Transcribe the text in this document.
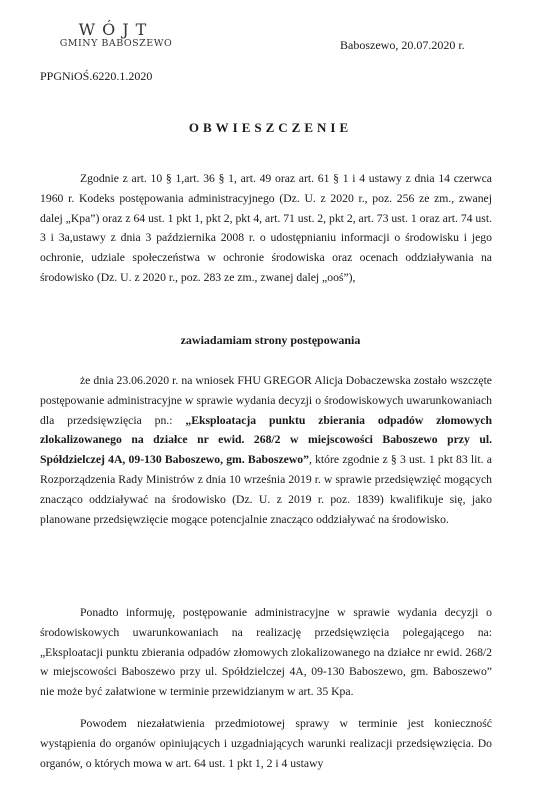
WÓJT
GMINY BABOSZEWO	Baboszewo, 20.07.2020 r.
PPGNiOŚ.6220.1.2020
OBWIESZCZENIE
Zgodnie z art. 10 § 1,art. 36 § 1, art. 49 oraz art. 61 § 1 i 4 ustawy z dnia 14 czerwca 1960 r. Kodeks postępowania administracyjnego (Dz. U. z 2020 r., poz. 256 ze zm., zwanej dalej „Kpa”) oraz z 64 ust. 1 pkt 1, pkt 2, pkt 4, art. 71 ust. 2, pkt 2, art. 73 ust. 1 oraz art. 74 ust. 3 i 3a,ustawy z dnia 3 października 2008 r. o udostępnianiu informacji o środowisku i jego ochronie, udziale społeczeństwa w ochronie środowiska oraz ocenach oddziaływania na środowisko (Dz. U. z 2020 r., poz. 283 ze zm., zwanej dalej „ooś”),
zawiadamiam strony postępowania
że dnia 23.06.2020 r. na wniosek FHU GREGOR Alicja Dobaczewska zostało wszczęte postępowanie administracyjne w sprawie wydania decyzji o środowiskowych uwarunkowaniach dla przedsięwzięcia pn.: „Eksploatacja punktu zbierania odpadów złomowych zlokalizowanego na działce nr ewid. 268/2 w miejscowości Baboszewo przy ul. Spółdzielczej 4A, 09-130 Baboszewo, gm. Baboszewo”, które zgodnie z § 3 ust. 1 pkt 83 lit. a Rozporządzenia Rady Ministrów z dnia 10 września 2019 r. w sprawie przedsięwzięć mogących znacząco oddziaływać na środowisko (Dz. U. z 2019 r. poz. 1839) kwalifikuje się, jako planowane przedsięwzięcie mogące potencjalnie znacząco oddziaływać na środowisko.
Ponadto informuję, postępowanie administracyjne w sprawie wydania decyzji o środowiskowych uwarunkowaniach na realizację przedsięwzięcia polegającego na: „Eksploatacji punktu zbierania odpadów złomowych zlokalizowanego na działce nr ewid. 268/2 w miejscowości Baboszewo przy ul. Spółdzielczej 4A, 09-130 Baboszewo, gm. Baboszewo” nie może być załatwione w terminie przewidzianym w art. 35 Kpa.
Powodem niezałatwienia przedmiotowej sprawy w terminie jest konieczność wystąpienia do organów opiniujących i uzgadniających warunki realizacji przedsięwzięcia. Do organów, o których mowa w art. 64 ust. 1 pkt 1, 2 i 4 ustawy
